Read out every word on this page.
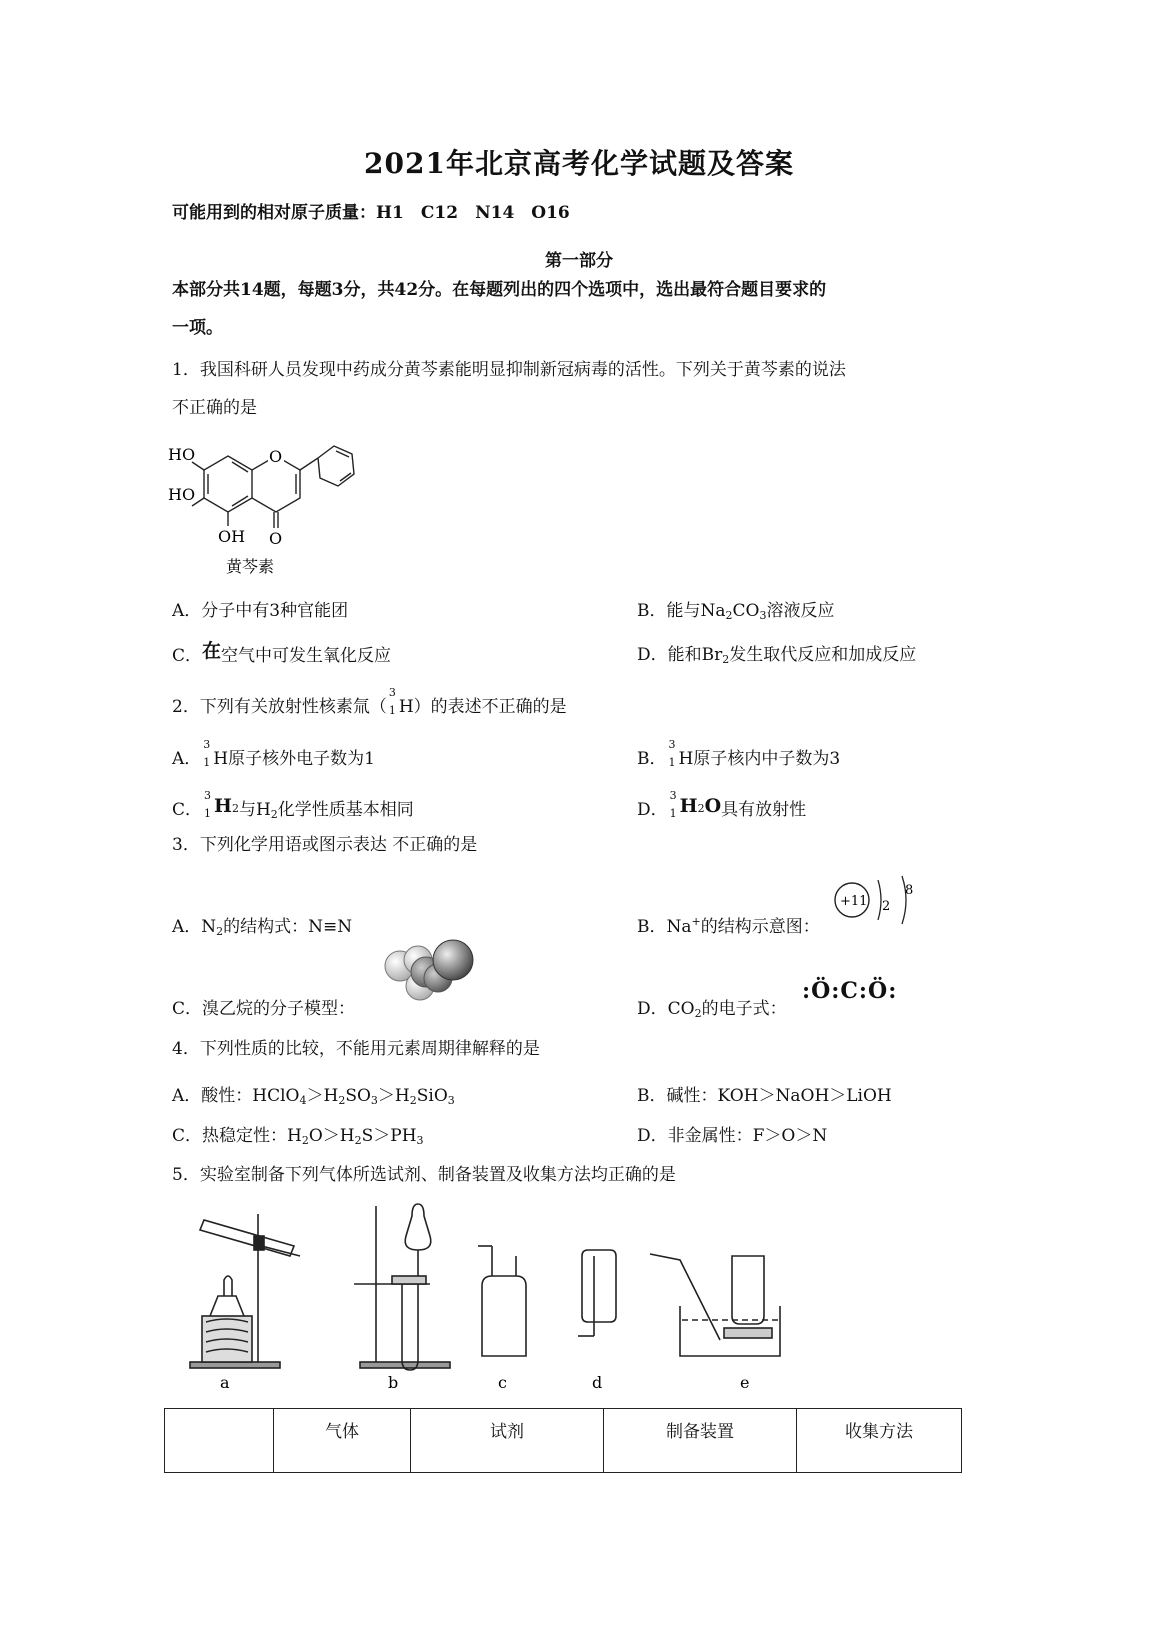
2021年北京高考化学试题及答案
可能用到的相对原子质量：H1　C12　N14　O16
第一部分
本部分共14题，每题3分，共42分。在每题列出的四个选项中，选出最符合题目要求的
一项。
1．我国科研人员发现中药成分黄芩素能明显抑制新冠病毒的活性。下列关于黄芩素的说法
不正确的是
O
HO
HO
OH O
黄芩素
A．分子中有3种官能团	B．能与$Na_2CO_3$溶液反应
C．在空气中可发生氧化反应	D．能和$Br_2$发生取代反应和加成反应
2．下列有关放射性核素氚（
3
1 H）的表述不正确的是
A．
3
1 H原子核外电子数为1	B．
3
1 H原子核内中子数为3
C．
3
1 $H_2$与$H_2$化学性质基本相同	D．
3
1 $H_2O$具有放射性
3．下列化学用语或图示表达 不正确的是
A．$N_2$的结构式：N≡N	B．Na+的结构示意图：
+11 2
8
C．溴乙烷的分子模型：	D．$CO_2$的电子式：
:Ö:C:Ö:
4．下列性质的比较，不能用元素周期律解释的是
A．酸性：$HClO_4>H_2SO_3>H_2SiO_3$	B．碱性：KOH＞NaOH＞LiOH
C．热稳定性：$H_2O>H_2S>PH_3$	D．非金属性：F＞O＞N
5．实验室制备下列气体所选试剂、制备装置及收集方法均正确的是
a	b	c	d	e
	气体	试剂	制备装置	收集方法
